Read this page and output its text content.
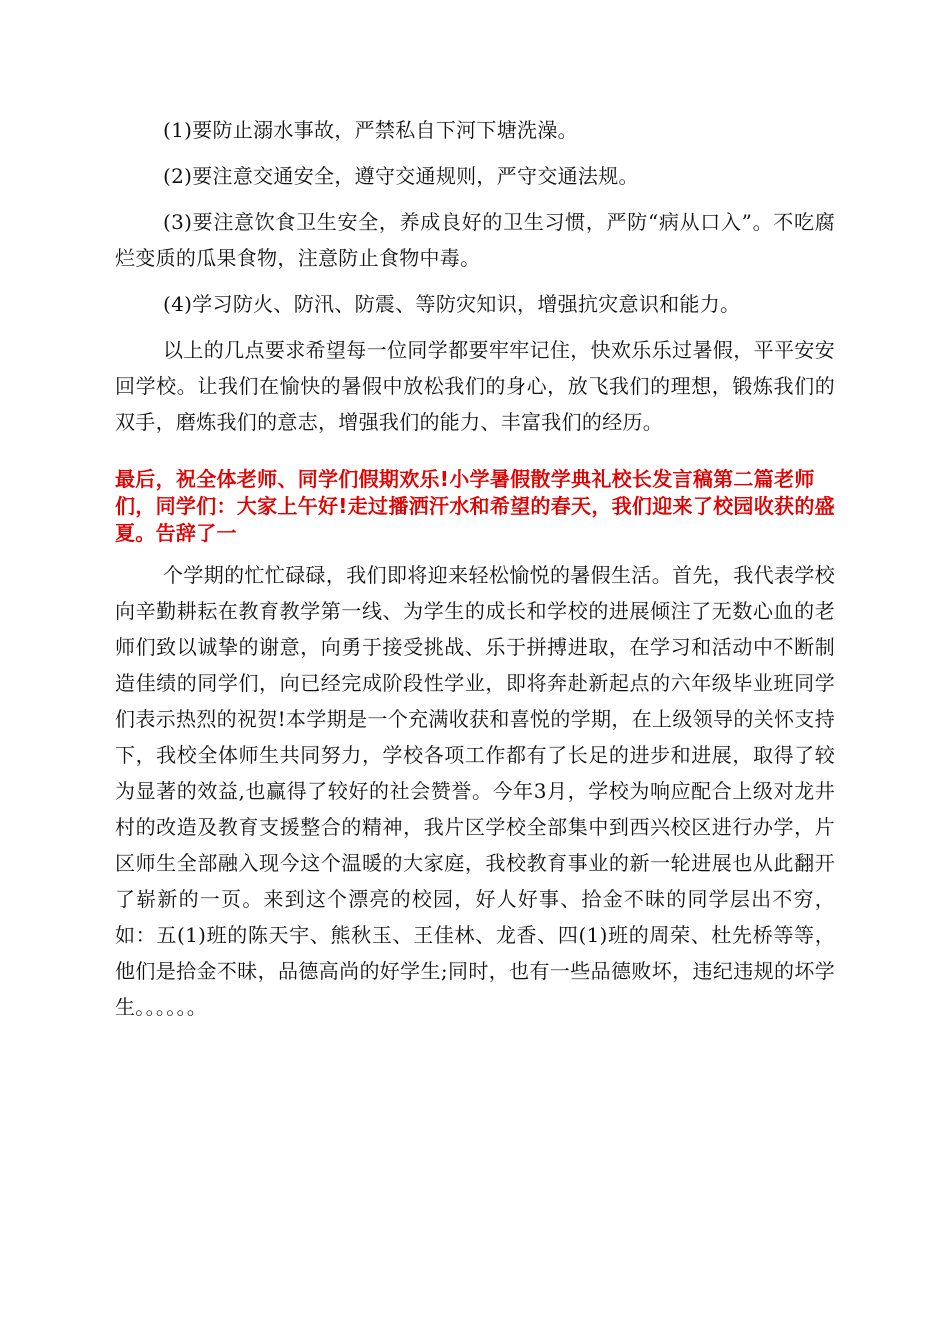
(1)要防止溺水事故，严禁私自下河下塘洗澡。

(2)要注意交通安全，遵守交通规则，严守交通法规。

(3)要注意饮食卫生安全，养成良好的卫生习惯，严防“病从口入”。不吃腐烂变质的瓜果食物，注意防止食物中毒。

(4)学习防火、防汛、防震、等防灾知识，增强抗灾意识和能力。

以上的几点要求希望每一位同学都要牢牢记住，快欢乐乐过暑假，平平安安回学校。让我们在愉快的暑假中放松我们的身心，放飞我们的理想，锻炼我们的双手，磨炼我们的意志，增强我们的能力、丰富我们的经历。

最后，祝全体老师、同学们假期欢乐!小学暑假散学典礼校长发言稿第二篇老师们，同学们：大家上午好!走过播洒汗水和希望的春天，我们迎来了校园收获的盛夏。告辞了一

个学期的忙忙碌碌，我们即将迎来轻松愉悦的暑假生活。首先，我代表学校向辛勤耕耘在教育教学第一线、为学生的成长和学校的进展倾注了无数心血的老师们致以诚挚的谢意，向勇于接受挑战、乐于拼搏进取，在学习和活动中不断制造佳绩的同学们，向已经完成阶段性学业，即将奔赴新起点的六年级毕业班同学们表示热烈的祝贺!本学期是一个充满收获和喜悦的学期，在上级领导的关怀支持下，我校全体师生共同努力，学校各项工作都有了长足的进步和进展，取得了较为显著的效益,也赢得了较好的社会赞誉。今年3月，学校为响应配合上级对龙井村的改造及教育支援整合的精神，我片区学校全部集中到西兴校区进行办学，片区师生全部融入现今这个温暖的大家庭，我校教育事业的新一轮进展也从此翻开了崭新的一页。来到这个漂亮的校园，好人好事、拾金不昧的同学层出不穷，如：五(1)班的陈天宇、熊秋玉、王佳林、龙香、四(1)班的周荣、杜先桥等等，他们是拾金不昧，品德高尚的好学生;同时，也有一些品德败坏，违纪违规的坏学生。。。。。。
